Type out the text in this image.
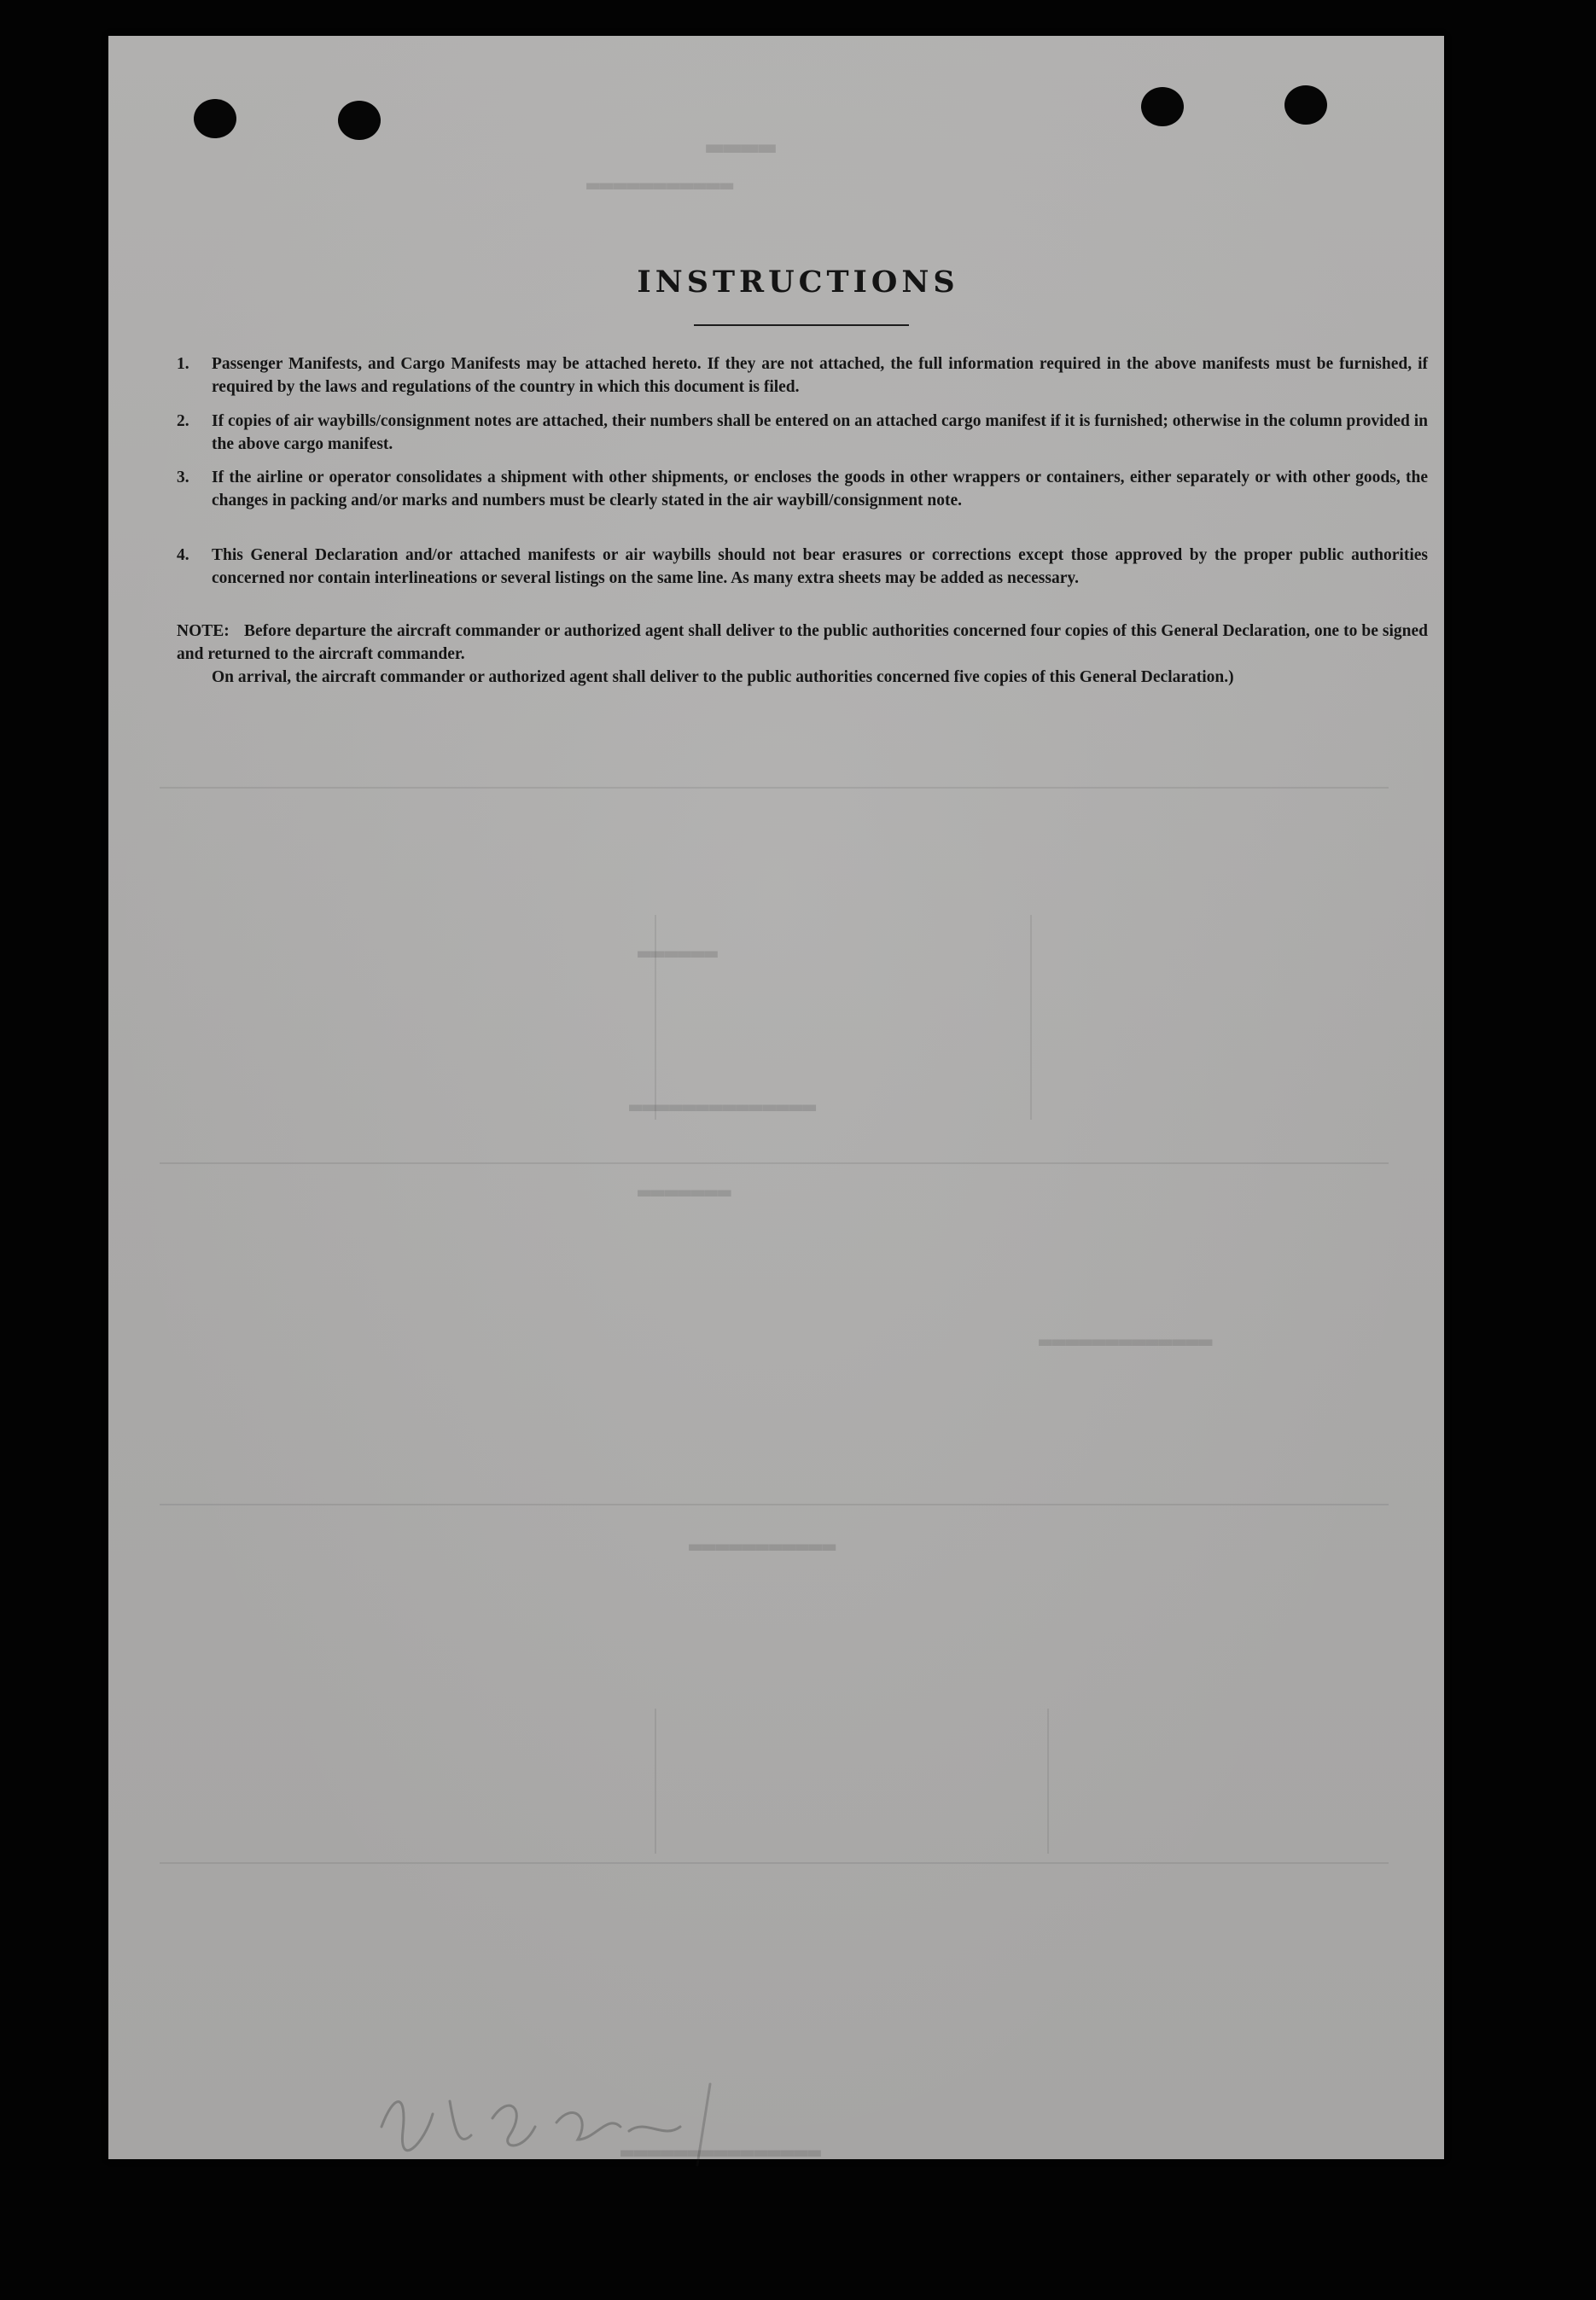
▬▬▬▬
▬▬▬▬▬▬▬▬▬▬▬
▬▬▬▬▬▬
▬▬▬▬▬▬▬▬▬▬▬▬▬▬
▬▬▬▬▬▬▬
▬▬▬▬▬▬▬▬▬▬▬▬▬
▬▬▬▬▬▬▬▬▬▬▬
▬▬▬▬▬▬▬▬▬▬▬▬▬▬▬
INSTRUCTIONS
1. Passenger Manifests, and Cargo Manifests may be attached hereto. If they are not attached, the full information required in the above manifests must be furnished, if required by the laws and regulations of the country in which this document is filed.
2. If copies of air waybills/consignment notes are attached, their numbers shall be entered on an attached cargo manifest if it is furnished; otherwise in the column provided in the above cargo manifest.
3. If the airline or operator consolidates a shipment with other shipments, or encloses the goods in other wrappers or containers, either separately or with other goods, the changes in packing and/or marks and numbers must be clearly stated in the air waybill/consignment note.
4. This General Declaration and/or attached manifests or air waybills should not bear erasures or corrections except those approved by the proper public authorities concerned nor contain interlineations or several listings on the same line. As many extra sheets may be added as necessary.
NOTE: Before departure the aircraft commander or authorized agent shall deliver to the public authorities concerned four copies of this General Declaration, one to be signed and returned to the aircraft commander.
On arrival, the aircraft commander or authorized agent shall deliver to the public authorities concerned five copies of this General Declaration.)
